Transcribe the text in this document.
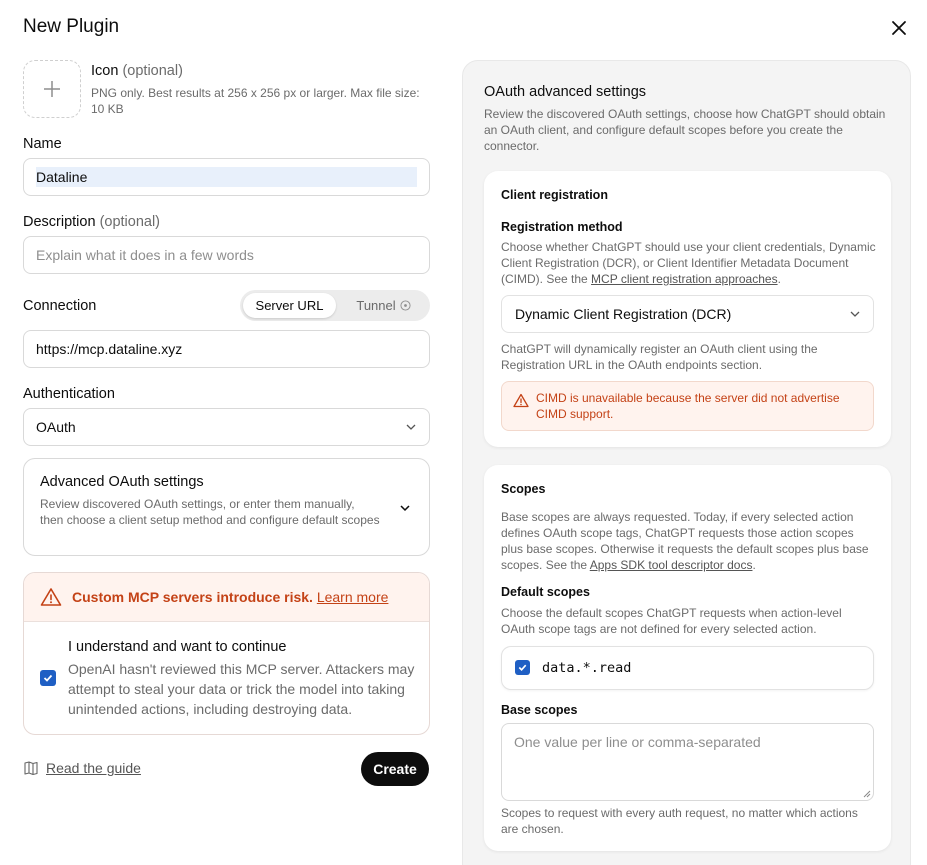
New Plugin
Icon (optional)
PNG only. Best results at 256 x 256 px or larger. Max file size: 10 KB
Name
Dataline
Description (optional)
Explain what it does in a few words
Connection	Server URL	Tunnel
https://mcp.dataline.xyz
Authentication
OAuth
Advanced OAuth settings
Review discovered OAuth settings, or enter them manually, then choose a client setup method and configure default scopes
Custom MCP servers introduce risk. Learn more
I understand and want to continue
OpenAI hasn't reviewed this MCP server. Attackers may attempt to steal your data or trick the model into taking unintended actions, including destroying data.
Read the guide	Create
OAuth advanced settings
Review the discovered OAuth settings, choose how ChatGPT should obtain an OAuth client, and configure default scopes before you create the connector.
Client registration
Registration method
Choose whether ChatGPT should use your client credentials, Dynamic Client Registration (DCR), or Client Identifier Metadata Document (CIMD). See the MCP client registration approaches.
Dynamic Client Registration (DCR)
ChatGPT will dynamically register an OAuth client using the Registration URL in the OAuth endpoints section.
CIMD is unavailable because the server did not advertise CIMD support.
Scopes
Base scopes are always requested. Today, if every selected action defines OAuth scope tags, ChatGPT requests those action scopes plus base scopes. Otherwise it requests the default scopes plus base scopes. See the Apps SDK tool descriptor docs.
Default scopes
Choose the default scopes ChatGPT requests when action-level OAuth scope tags are not defined for every selected action.
data.*.read
Base scopes
One value per line or comma-separated
Scopes to request with every auth request, no matter which actions are chosen.
